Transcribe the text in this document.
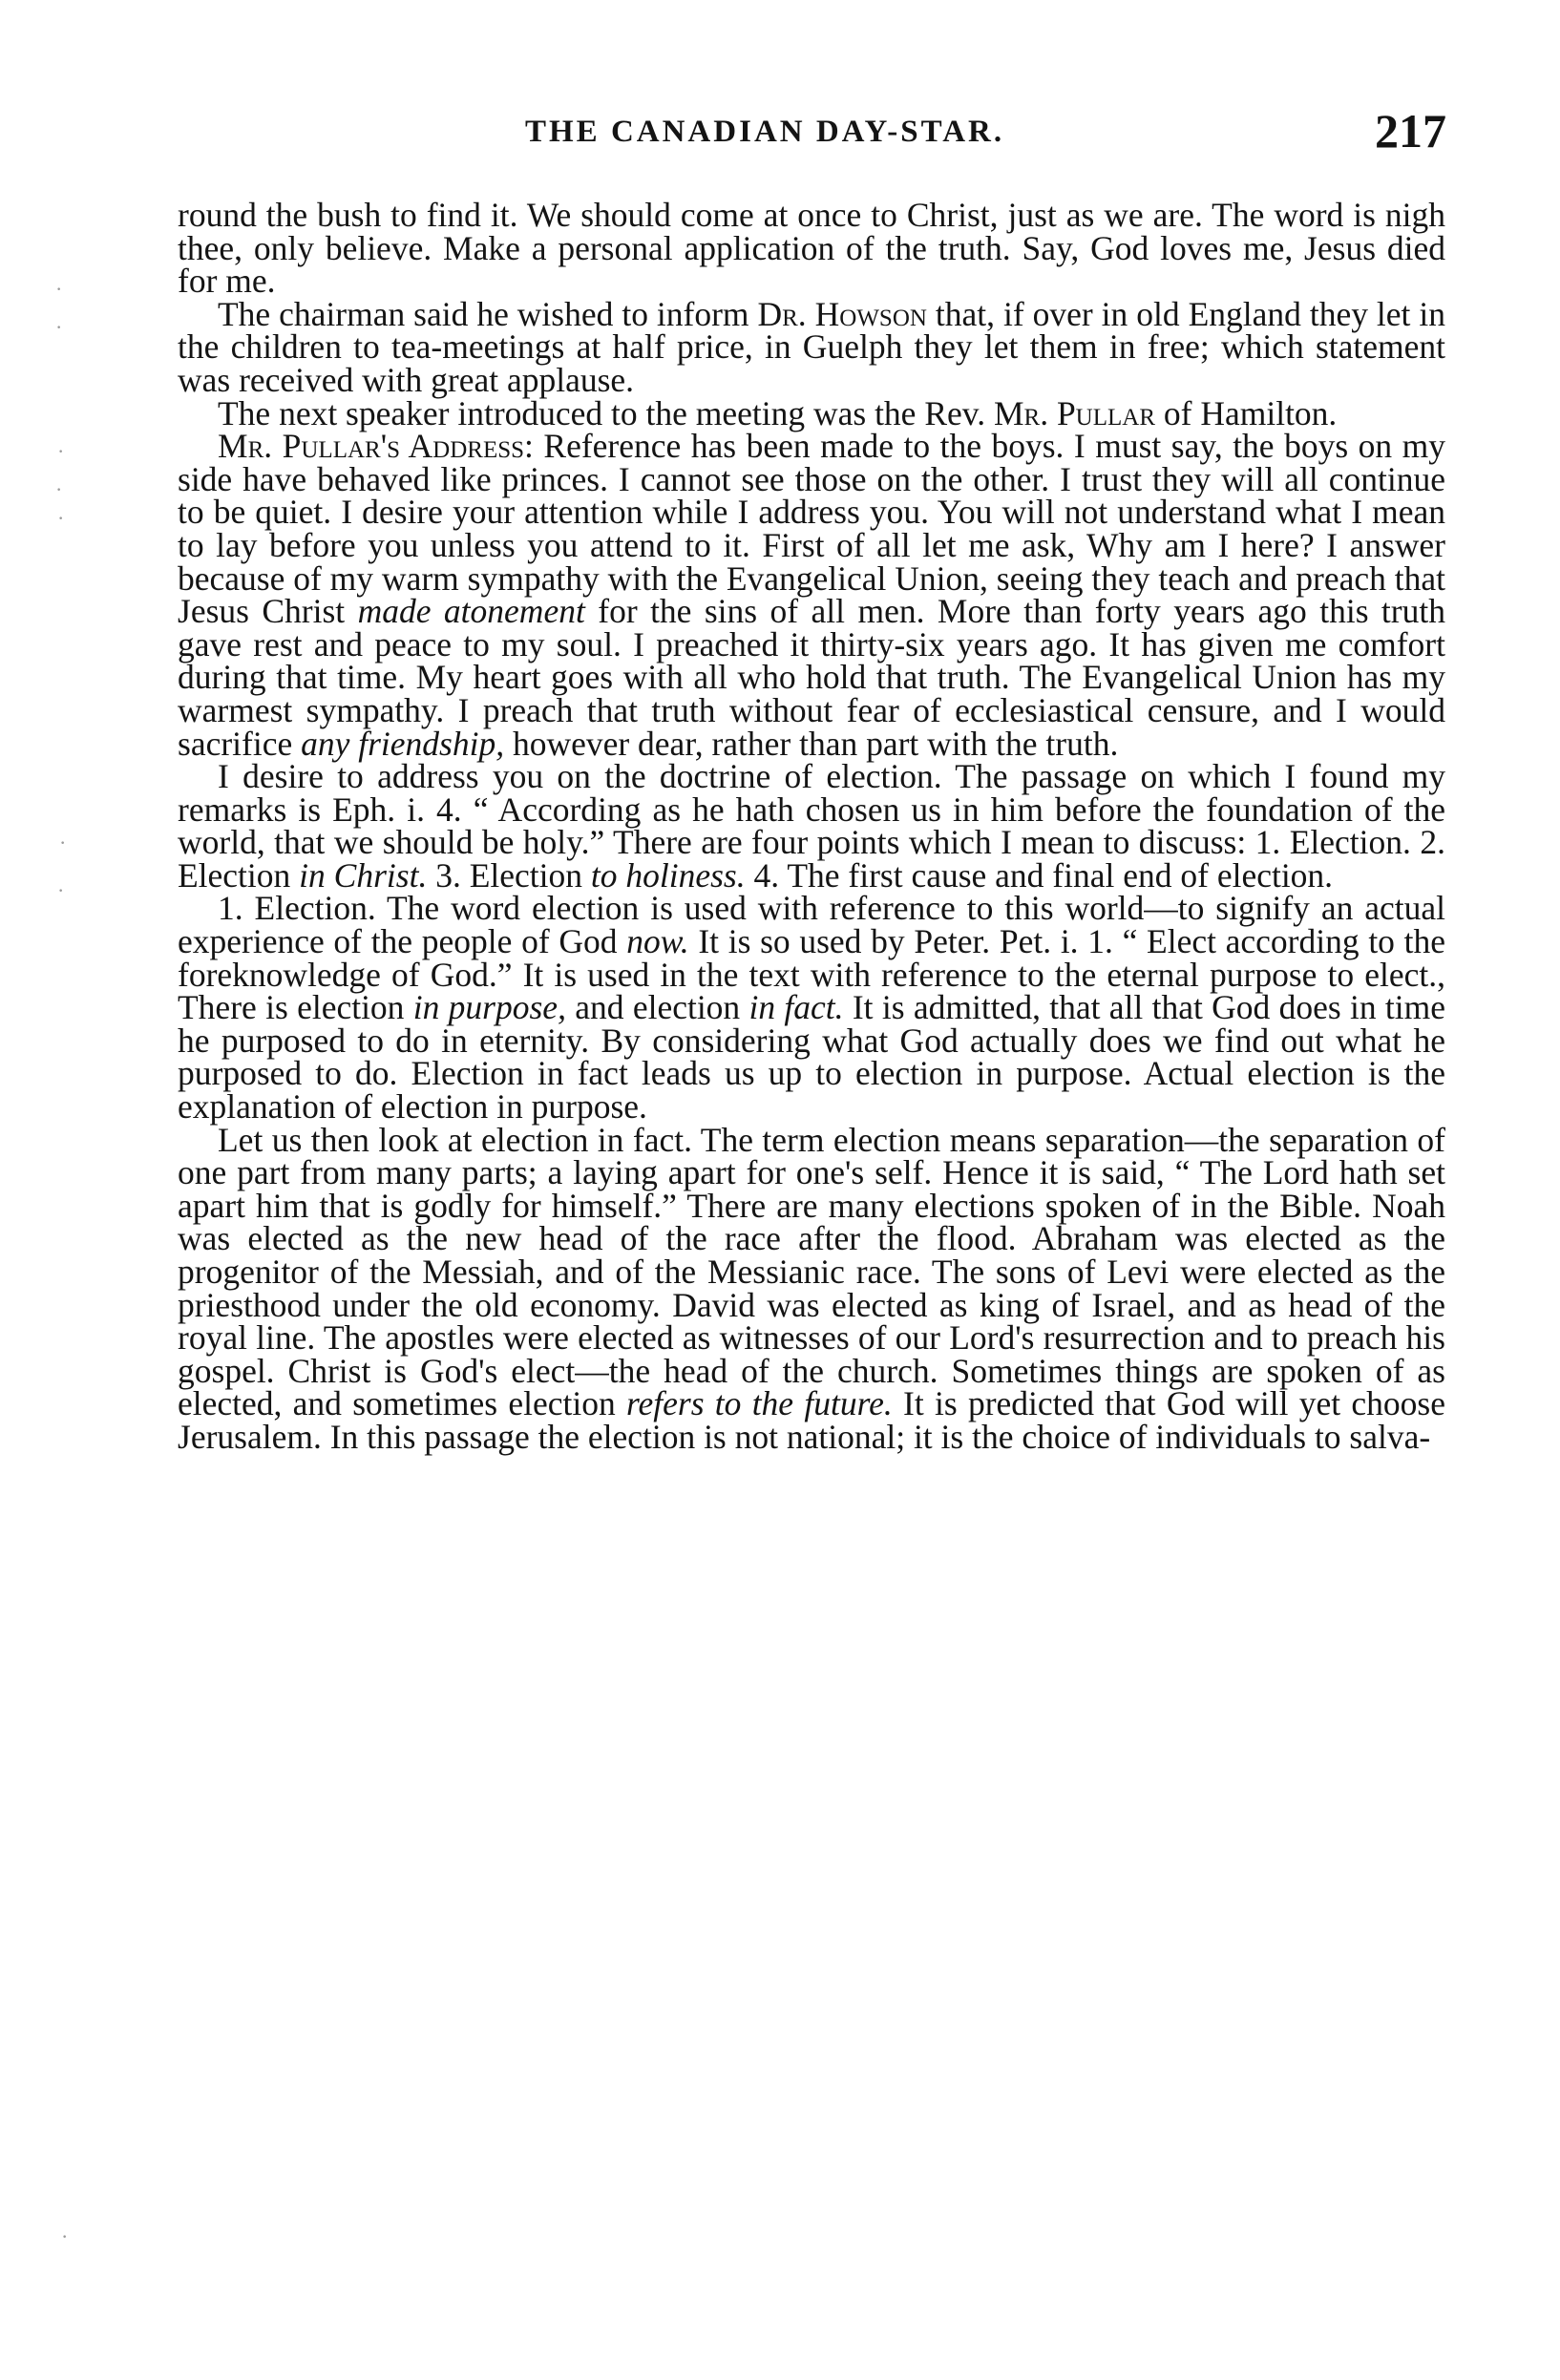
·
·
·
·
·
·
·
·
THE CANADIAN DAY-STAR.	217

round the bush to find it. We should come at once to Christ, just as we are. The word is nigh thee, only believe. Make a personal application of the truth. Say, God loves me, Jesus died for me.

The chairman said he wished to inform Dr. Howson that, if over in old England they let in the children to tea-meetings at half price, in Guelph they let them in free; which statement was received with great applause.

The next speaker introduced to the meeting was the Rev. Mr. Pullar of Hamilton.

Mr. Pullar's Address: Reference has been made to the boys. I must say, the boys on my side have behaved like princes. I cannot see those on the other. I trust they will all continue to be quiet. I desire your attention while I address you. You will not understand what I mean to lay before you unless you attend to it. First of all let me ask, Why am I here? I answer because of my warm sympathy with the Evangelical Union, seeing they teach and preach that Jesus Christ made atonement for the sins of all men. More than forty years ago this truth gave rest and peace to my soul. I preached it thirty-six years ago. It has given me comfort during that time. My heart goes with all who hold that truth. The Evangelical Union has my warmest sympathy. I preach that truth without fear of ecclesiastical censure, and I would sacrifice any friendship, however dear, rather than part with the truth.

I desire to address you on the doctrine of election. The passage on which I found my remarks is Eph. i. 4. “ According as he hath chosen us in him before the foundation of the world, that we should be holy.” There are four points which I mean to discuss: 1. Election. 2. Election in Christ. 3. Election to holiness. 4. The first cause and final end of election.

1. Election. The word election is used with reference to this world—to signify an actual experience of the people of God now. It is so used by Peter. Pet. i. 1. “ Elect according to the foreknowledge of God.” It is used in the text with reference to the eternal purpose to elect., There is election in purpose, and election in fact. It is admitted, that all that God does in time he purposed to do in eternity. By considering what God actually does we find out what he purposed to do. Election in fact leads us up to election in purpose. Actual election is the explanation of election in purpose.

Let us then look at election in fact. The term election means separation—the separation of one part from many parts; a laying apart for one's self. Hence it is said, “ The Lord hath set apart him that is godly for himself.” There are many elections spoken of in the Bible. Noah was elected as the new head of the race after the flood. Abraham was elected as the progenitor of the Messiah, and of the Messianic race. The sons of Levi were elected as the priesthood under the old economy. David was elected as king of Israel, and as head of the royal line. The apostles were elected as witnesses of our Lord's resurrection and to preach his gospel. Christ is God's elect—the head of the church. Sometimes things are spoken of as elected, and sometimes election refers to the future. It is predicted that God will yet choose Jerusalem. In this passage the election is not national; it is the choice of individuals to salva-
